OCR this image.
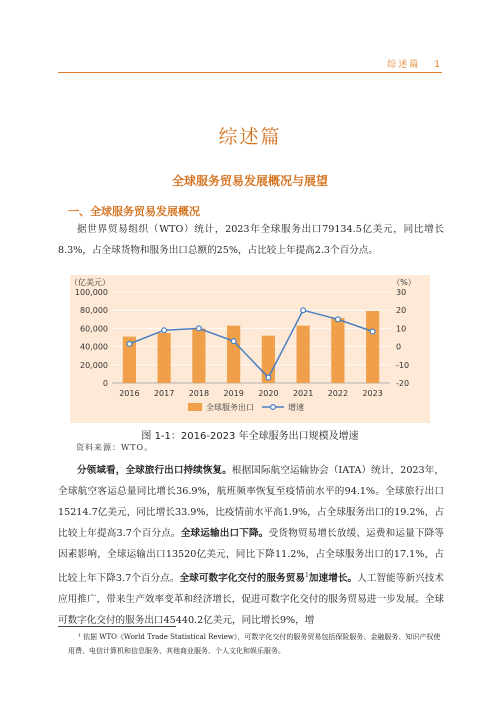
综述篇 1
综述篇
全球服务贸易发展概况与展望
一、全球服务贸易发展概况
据世界贸易组织（WTO）统计，2023年全球服务出口79134.5亿美元，同比增长8.3%，占全球货物和服务出口总额的25%，占比较上年提高2.3个百分点。
0
20,000
40,000
60,000
80,000
100,000
-20
-10
0
10
20
30
（亿美元）	（%）
2016 2017 2018 2019 2020 2021 2022 2023
全球服务出口	增速
图 1-1：2016-2023 年全球服务出口规模及增速
资料来源：WTO。
分领域看，全球旅行出口持续恢复。根据国际航空运输协会（IATA）统计，2023年，全球航空客运总量同比增长36.9%，航班频率恢复至疫情前水平的94.1%。全球旅行出口15214.7亿美元，同比增长33.9%，比疫情前水平高1.9%，占全球服务出口的19.2%，占比较上年提高3.7个百分点。全球运输出口下降。受货物贸易增长放缓、运费和运量下降等因素影响，全球运输出口13520亿美元，同比下降11.2%，占全球服务出口的17.1%，占比较上年下降3.7个百分点。全球可数字化交付的服务贸易$^1$加速增长。人工智能等新兴技术应用推广，带来生产效率变革和经济增长，促进可数字化交付的服务贸易进一步发展。全球可数字化交付的服务出口45440.2亿美元，同比增长9%，增
¹ 依据 WTO《World Trade Statistical Review》，可数字化交付的服务贸易包括保险服务、金融服务、知识产权使用费、电信计算机和信息服务、其他商业服务、个人文化和娱乐服务。
